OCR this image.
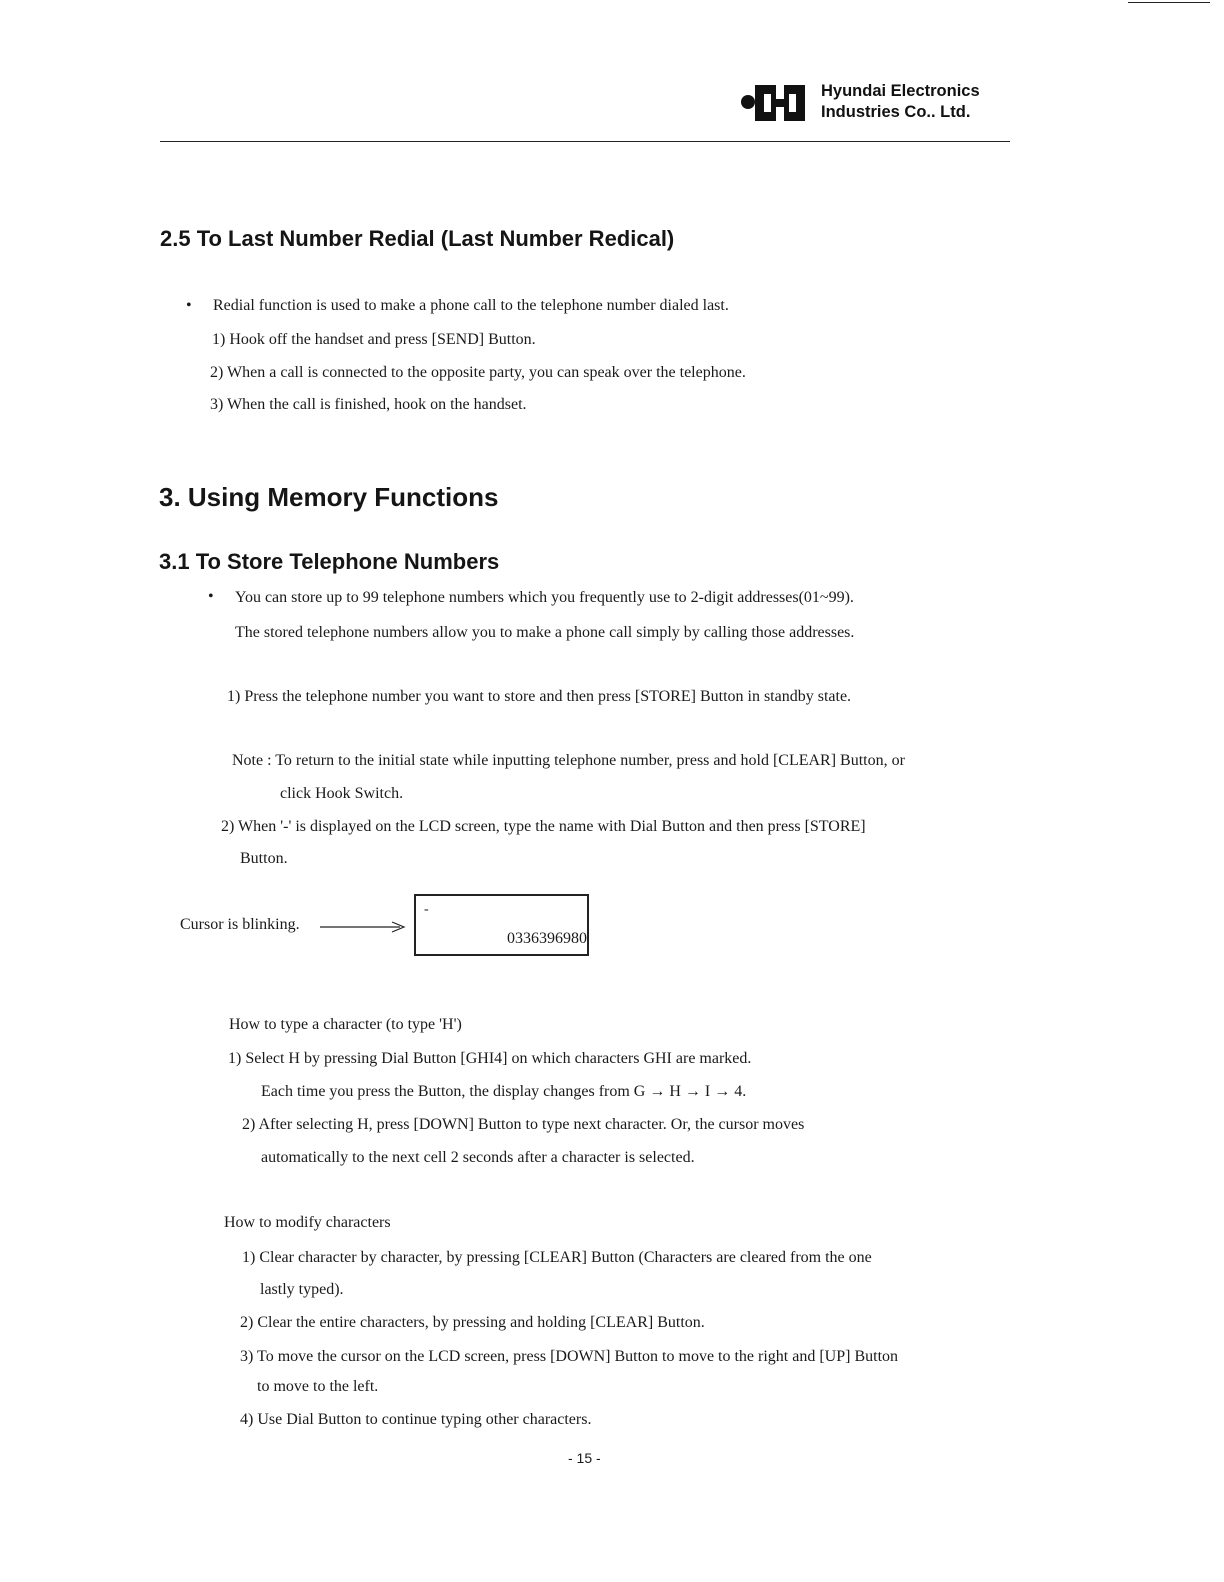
Hyundai Electronics
Industries Co.. Ltd.
2.5 To Last Number Redial (Last Number Redical)
• Redial function is used to make a phone call to the telephone number dialed last.
1) Hook off the handset and press [SEND] Button.
2) When a call is connected to the opposite party, you can speak over the telephone.
3) When the call is finished, hook on the handset.
3. Using Memory Functions
3.1 To Store Telephone Numbers
• You can store up to 99 telephone numbers which you frequently use to 2-digit addresses(01~99).
The stored telephone numbers allow you to make a phone call simply by calling those addresses.
1) Press the telephone number you want to store and then press [STORE] Button in standby state.
Note : To return to the initial state while inputting telephone number, press and hold [CLEAR] Button, or
click Hook Switch.
2) When '-' is displayed on the LCD screen, type the name with Dial Button and then press [STORE]
Button.
Cursor is blinking.
-
0336396980
How to type a character (to type 'H')
1) Select H by pressing Dial Button [GHI4] on which characters GHI are marked.
Each time you press the Button, the display changes from G → H → I → 4.
2) After selecting H, press [DOWN] Button to type next character. Or, the cursor moves
automatically to the next cell 2 seconds after a character is selected.
How to modify characters
1) Clear character by character, by pressing [CLEAR] Button (Characters are cleared from the one
lastly typed).
2) Clear the entire characters, by pressing and holding [CLEAR] Button.
3) To move the cursor on the LCD screen, press [DOWN] Button to move to the right and [UP] Button
to move to the left.
4) Use Dial Button to continue typing other characters.
- 15 -
